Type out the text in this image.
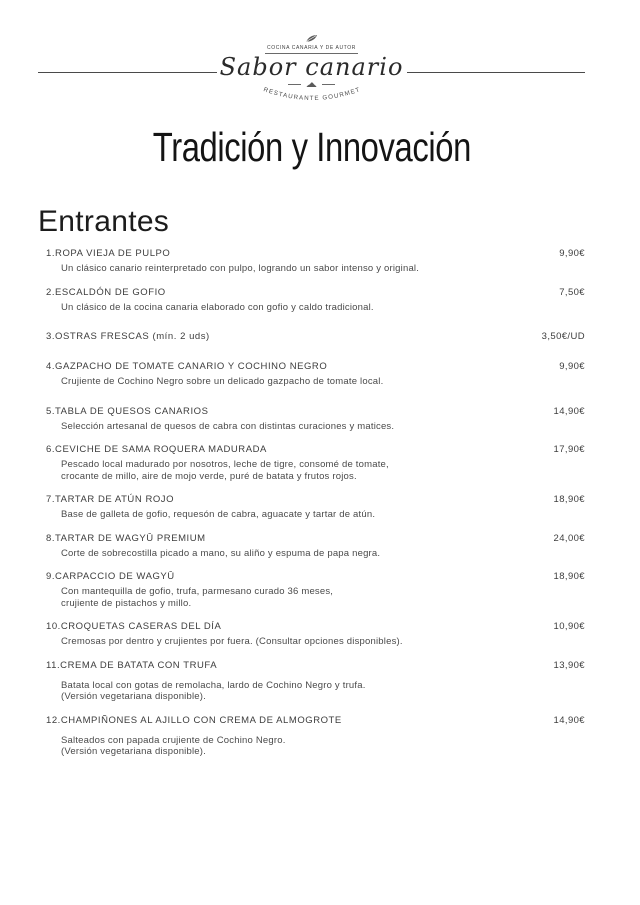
COCINA CANARIA Y DE AUTOR
Sabor canario
RESTAURANTE GOURMET
Tradición y Innovación
Entrantes
1.ROPA VIEJA DE PULPO	9,90€
Un clásico canario reinterpretado con pulpo, logrando un sabor intenso y original.
2.ESCALDÓN DE GOFIO	7,50€
Un clásico de la cocina canaria elaborado con gofio y caldo tradicional.
3.OSTRAS FRESCAS (mín. 2 uds)	3,50€/UD
4.GAZPACHO DE TOMATE CANARIO Y COCHINO NEGRO	9,90€
Crujiente de Cochino Negro sobre un delicado gazpacho de tomate local.
5.TABLA DE QUESOS CANARIOS	14,90€
Selección artesanal de quesos de cabra con distintas curaciones y matices.
6.CEVICHE DE SAMA ROQUERA MADURADA	17,90€
Pescado local madurado por nosotros, leche de tigre, consomé de tomate,
crocante de millo, aire de mojo verde, puré de batata y frutos rojos.
7.TARTAR DE ATÚN ROJO	18,90€
Base de galleta de gofio, requesón de cabra, aguacate y tartar de atún.
8.TARTAR DE WAGYŪ PREMIUM	24,00€
Corte de sobrecostilla picado a mano, su aliño y espuma de papa negra.
9.CARPACCIO DE WAGYŪ	18,90€
Con mantequilla de gofio, trufa, parmesano curado 36 meses,
crujiente de pistachos y millo.
10.CROQUETAS CASERAS DEL DÍA	10,90€
Cremosas por dentro y crujientes por fuera. (Consultar opciones disponibles).
11.CREMA DE BATATA CON TRUFA	13,90€
Batata local con gotas de remolacha, lardo de Cochino Negro y trufa.
(Versión vegetariana disponible).
12.CHAMPIÑONES AL AJILLO CON CREMA DE ALMOGROTE	14,90€
Salteados con papada crujiente de Cochino Negro.
(Versión vegetariana disponible).
